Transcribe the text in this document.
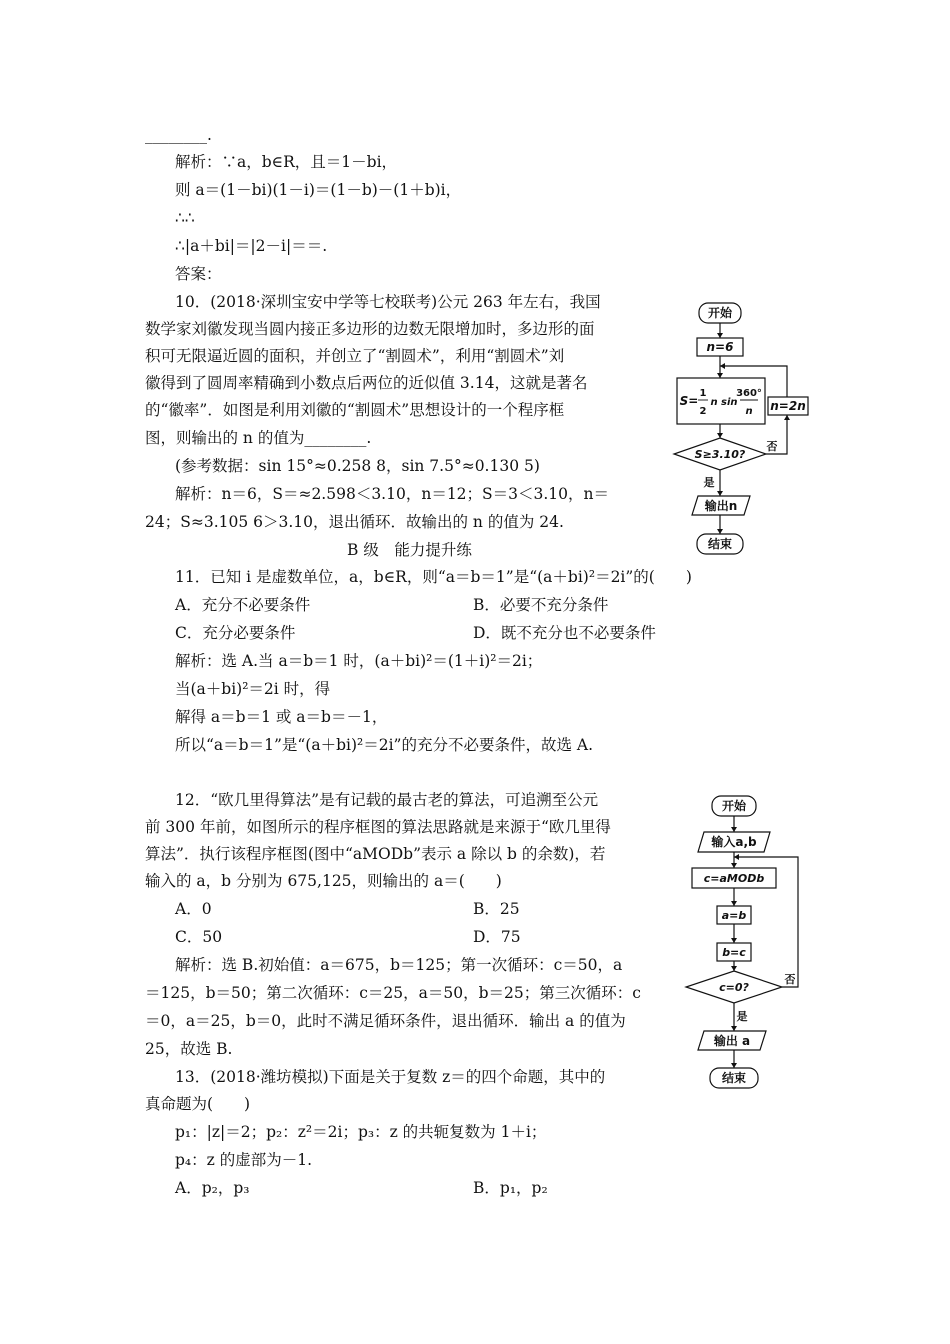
________.
解析：∵a，b∈R，且＝1－bi，
则 a＝(1－bi)(1－i)＝(1－b)－(1＋b)i，
∴∴
∴|a＋bi|＝|2－i|＝＝.
答案：
10．(2018·深圳宝安中学等七校联考)公元 263 年左右，我国
数学家刘徽发现当圆内接正多边形的边数无限增加时，多边形的面
积可无限逼近圆的面积，并创立了“割圆术”，利用“割圆术”刘
徽得到了圆周率精确到小数点后两位的近似值 3.14，这就是著名
的“徽率”．如图是利用刘徽的“割圆术”思想设计的一个程序框
图，则输出的 n 的值为________.
(参考数据：sin 15°≈0.258 8，sin 7.5°≈0.130 5)
解析：n＝6，S＝≈2.598＜3.10，n＝12；S＝3＜3.10，n＝
24；S≈3.105 6＞3.10，退出循环．故输出的 n 的值为 24.
B 级　能力提升练
11．已知 i 是虚数单位，a，b∈R，则“a＝b＝1”是“(a＋bi)²＝2i”的(　　)
A．充分不必要条件	B．必要不充分条件
C．充分必要条件	D．既不充分也不必要条件
解析：选 A.当 a＝b＝1 时，(a＋bi)²＝(1＋i)²＝2i；
当(a＋bi)²＝2i 时，得
解得 a＝b＝1 或 a＝b＝－1，
所以“a＝b＝1”是“(a＋bi)²＝2i”的充分不必要条件，故选 A.
12．“欧几里得算法”是有记载的最古老的算法，可追溯至公元
前 300 年前，如图所示的程序框图的算法思路就是来源于“欧几里得
算法”．执行该程序框图(图中“aMODb”表示 a 除以 b 的余数)，若
输入的 a，b 分别为 675,125，则输出的 a＝(　　)
A．0	B．25
C．50	D．75
解析：选 B.初始值：a＝675，b＝125；第一次循环：c＝50，a
＝125，b＝50；第二次循环：c＝25，a＝50，b＝25；第三次循环：c
＝0，a＝25，b＝0，此时不满足循环条件，退出循环．输出 a 的值为
25，故选 B.
13．(2018·潍坊模拟)下面是关于复数 z＝的四个命题，其中的
真命题为(　　)
p₁：|z|＝2；p₂：z²＝2i；p₃：z 的共轭复数为 1＋i；
p₄：z 的虚部为－1.
A．p₂，p₃	B．p₁，p₂
开始
n=6
S=
1
2
n sin
360°
n n=2n
S≥3.10?
是
否
输出n
结束
开始
输入a,b
c=aMODb
a=b
b=c
c=0?
是
否
输出 a
结束
